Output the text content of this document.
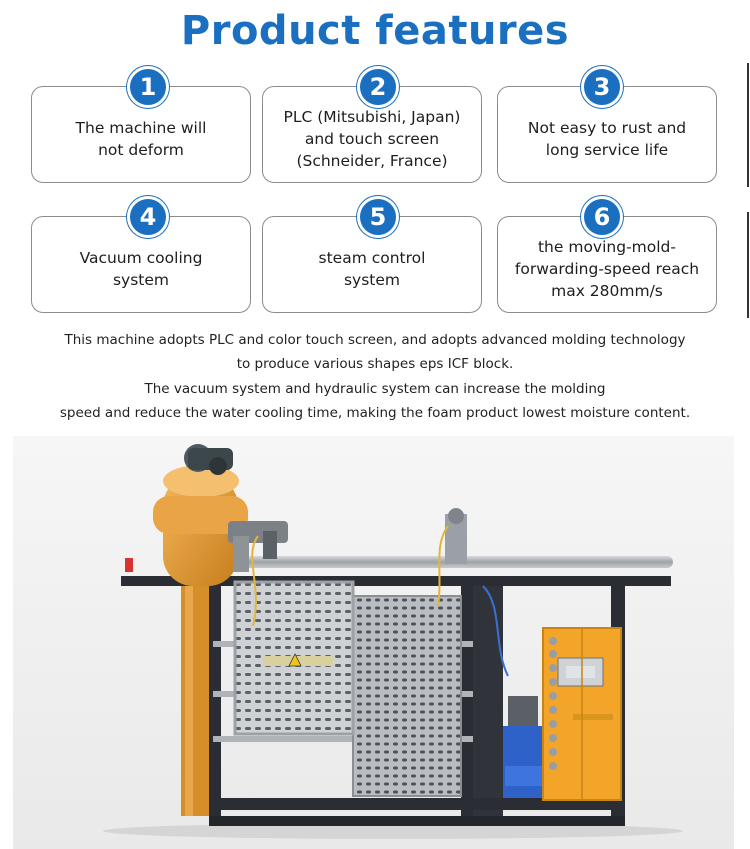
Product features
The machine will
not deform
1
PLC (Mitsubishi, Japan)
and touch screen
(Schneider, France)
2
Not easy to rust and
long service life
3
Vacuum cooling
system
4
steam control
system
5
the moving-mold-
forwarding-speed reach
max 280mm/s
6
This machine adopts PLC and color touch screen, and adopts advanced molding technology
to produce various shapes eps ICF block.
The vacuum system and hydraulic system can increase the molding
speed and reduce the water cooling time, making the foam product lowest moisture content.
